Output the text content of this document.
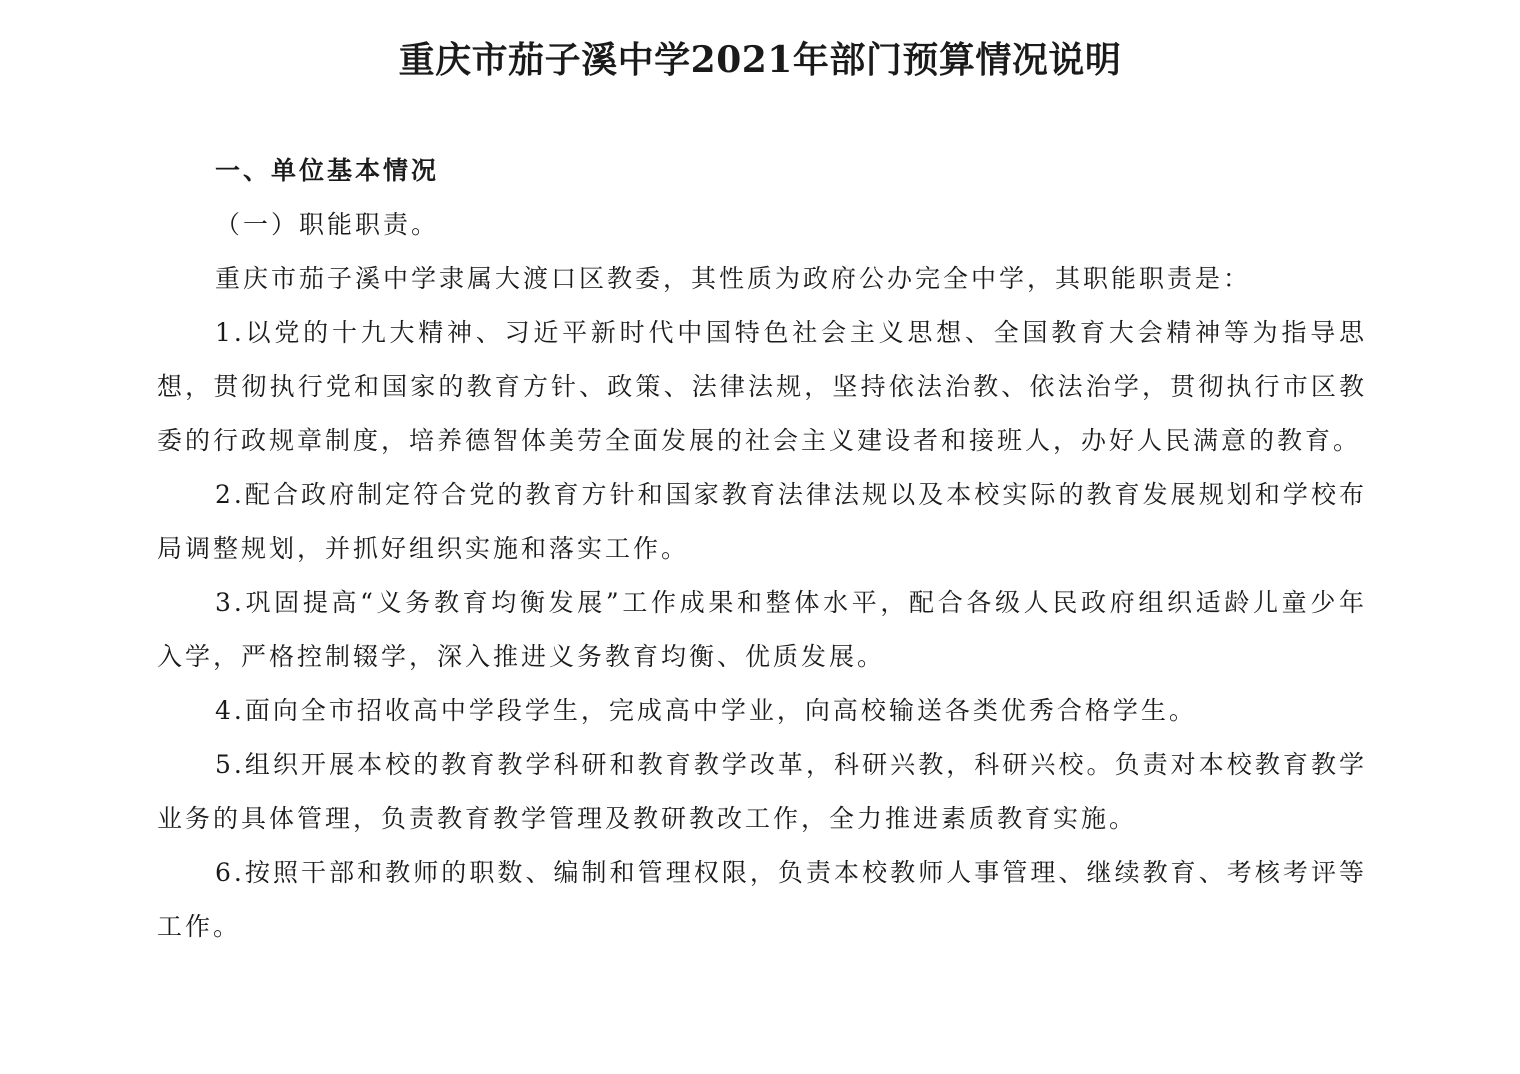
重庆市茄子溪中学2021年部门预算情况说明

一、单位基本情况

（一）职能职责。

重庆市茄子溪中学隶属大渡口区教委，其性质为政府公办完全中学，其职能职责是：

1.以党的十九大精神、习近平新时代中国特色社会主义思想、全国教育大会精神等为指导思想，贯彻执行党和国家的教育方针、政策、法律法规，坚持依法治教、依法治学，贯彻执行市区教委的行政规章制度，培养德智体美劳全面发展的社会主义建设者和接班人，办好人民满意的教育。

2.配合政府制定符合党的教育方针和国家教育法律法规以及本校实际的教育发展规划和学校布局调整规划，并抓好组织实施和落实工作。

3.巩固提高“义务教育均衡发展”工作成果和整体水平，配合各级人民政府组织适龄儿童少年入学，严格控制辍学，深入推进义务教育均衡、优质发展。

4.面向全市招收高中学段学生，完成高中学业，向高校输送各类优秀合格学生。

5.组织开展本校的教育教学科研和教育教学改革，科研兴教，科研兴校。负责对本校教育教学业务的具体管理，负责教育教学管理及教研教改工作，全力推进素质教育实施。

6.按照干部和教师的职数、编制和管理权限，负责本校教师人事管理、继续教育、考核考评等工作。
